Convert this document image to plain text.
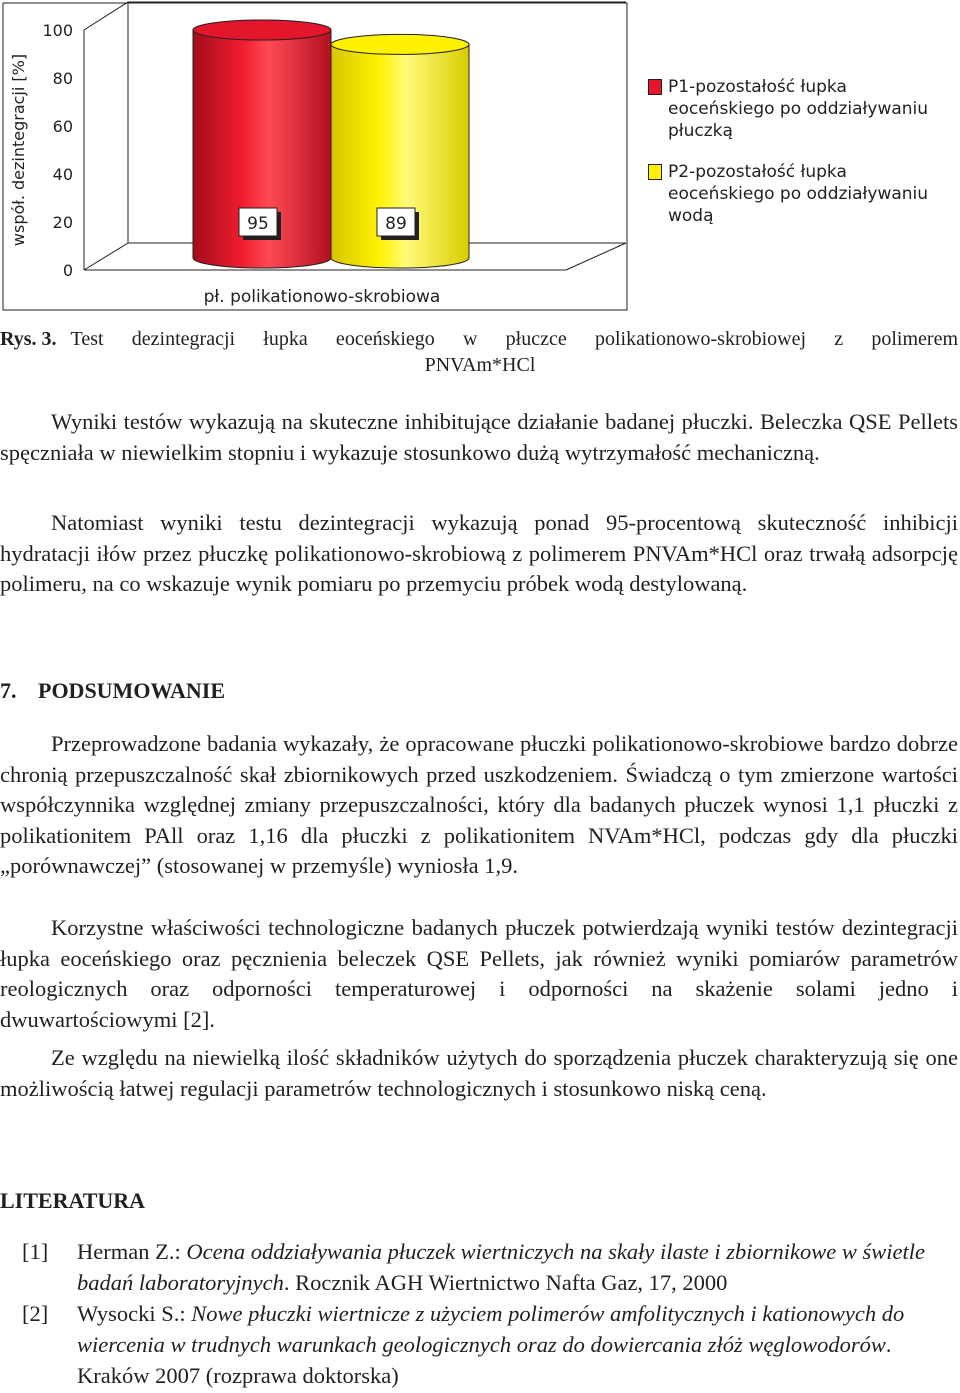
0
20
40
60
80
100
95	89
współ. dezintegracji [%]
pł. polikationowo-skrobiowa
P1-pozostałość łupka eoceńskiego po oddziaływaniu płuczką
P2-pozostałość łupka eoceńskiego po oddziaływaniu wodą
Rys. 3. Test dezintegracji łupka eoceńskiego w płuczce polikationowo-skrobiowej z polimerem
PNVAm*HCl

Wyniki testów wykazują na skuteczne inhibitujące działanie badanej płuczki. Beleczka QSE Pellets spęczniała w niewielkim stopniu i wykazuje stosunkowo dużą wytrzymałość mechaniczną.

Natomiast wyniki testu dezintegracji wykazują ponad 95-procentową skuteczność inhibicji hydratacji iłów przez płuczkę polikationowo-skrobiową z polimerem PNVAm*HCl oraz trwałą adsorpcję polimeru, na co wskazuje wynik pomiaru po przemyciu próbek wodą destylowaną.

7. PODSUMOWANIE

Przeprowadzone badania wykazały, że opracowane płuczki polikationowo-skrobiowe bardzo dobrze chronią przepuszczalność skał zbiornikowych przed uszkodzeniem. Świadczą o tym zmierzone wartości współczynnika względnej zmiany przepuszczalności, który dla badanych płuczek wynosi 1,1 płuczki z polikationitem PAll oraz 1,16 dla płuczki z polikationitem NVAm*HCl, podczas gdy dla płuczki „porównawczej” (stosowanej w przemyśle) wyniosła 1,9.

Korzystne właściwości technologiczne badanych płuczek potwierdzają wyniki testów dezintegracji łupka eoceńskiego oraz pęcznienia beleczek QSE Pellets, jak również wyniki pomiarów parametrów reologicznych oraz odporności temperaturowej i odporności na skażenie solami jedno i dwuwartościowymi [2].

Ze względu na niewielką ilość składników użytych do sporządzenia płuczek charakteryzują się one możliwością łatwej regulacji parametrów technologicznych i stosunkowo niską ceną.

LITERATURA
[1] Herman Z.: Ocena oddziaływania płuczek wiertniczych na skały ilaste i zbiornikowe w świetle badań laboratoryjnych. Rocznik AGH Wiertnictwo Nafta Gaz, 17, 2000
[2] Wysocki S.: Nowe płuczki wiertnicze z użyciem polimerów amfolitycznych i kationowych do wiercenia w trudnych warunkach geologicznych oraz do dowiercania złóż węglowodorów. Kraków 2007 (rozprawa doktorska)
